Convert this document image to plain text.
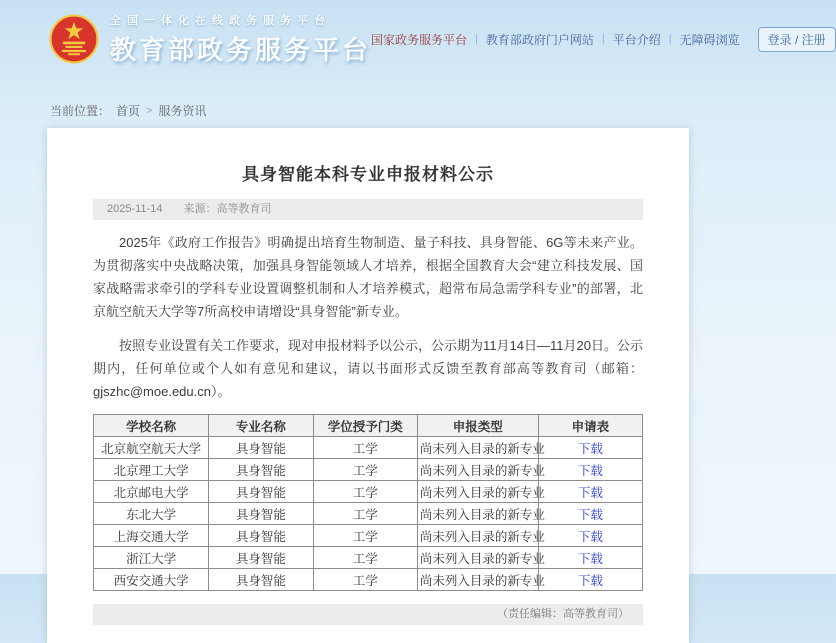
全国一体化在线政务服务平台
教育部政务服务平台 国家政务服务平台 | 教育部政府门户网站 | 平台介绍 | 无障碍浏览	登录 / 注册
当前位置： 首页 > 服务资讯
具身智能本科专业申报材料公示
2025-11-14 来源：高等教育司

2025年《政府工作报告》明确提出培育生物制造、量子科技、具身智能、6G等未来产业。为贯彻落实中央战略决策，加强具身智能领域人才培养，根据全国教育大会“建立科技发展、国家战略需求牵引的学科专业设置调整机制和人才培养模式，超常布局急需学科专业”的部署，北京航空航天大学等7所高校申请增设“具身智能”新专业。

按照专业设置有关工作要求，现对申报材料予以公示，公示期为11月14日—11月20日。公示期内，任何单位或个人如有意见和建议，请以书面形式反馈至教育部高等教育司（邮箱：gjszhc@moe.edu.cn）。

学校名称	专业名称	学位授予门类	申报类型	申请表
北京航空航天大学	具身智能	工学	尚未列入目录的新专业	下载
北京理工大学	具身智能	工学	尚未列入目录的新专业	下载
北京邮电大学	具身智能	工学	尚未列入目录的新专业	下载
东北大学	具身智能	工学	尚未列入目录的新专业	下载
上海交通大学	具身智能	工学	尚未列入目录的新专业	下载
浙江大学	具身智能	工学	尚未列入目录的新专业	下载
西安交通大学	具身智能	工学	尚未列入目录的新专业	下载
（责任编辑：高等教育司）
